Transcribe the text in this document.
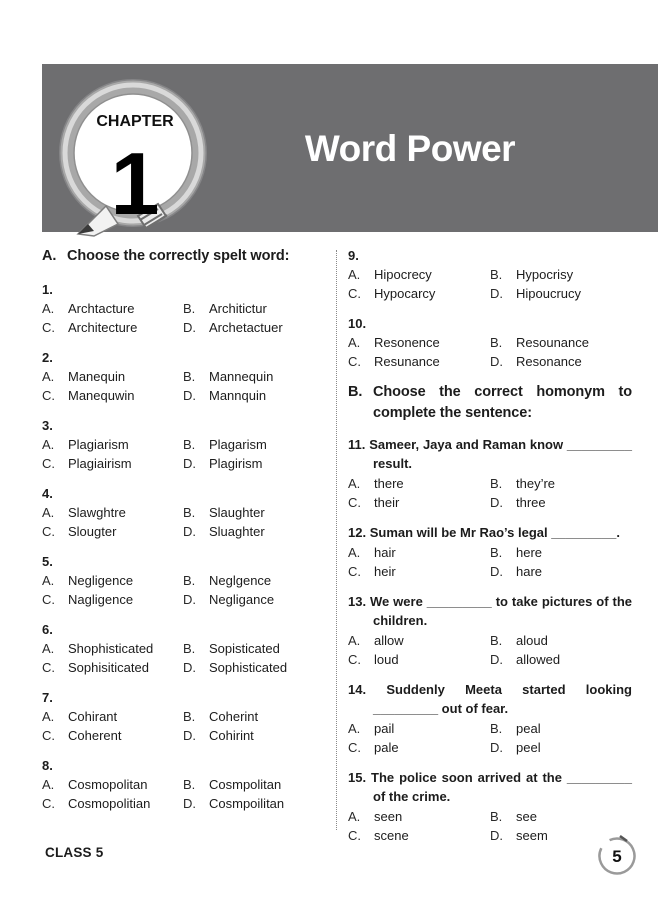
Word Power
CHAPTER
1
A. Choose the correctly spelt word:
1.
A.	Archtacture	B.	Architictur
C.	Architecture	D.	Archetactuer
2.
A.	Manequin	B.	Mannequin
C.	Manequwin	D.	Mannquin
3.
A.	Plagiarism	B.	Plagarism
C.	Plagiairism	D.	Plagirism
4.
A.	Slawghtre	B.	Slaughter
C.	Slougter	D.	Sluaghter
5.
A.	Negligence	B.	Neglgence
C.	Nagligence	D.	Negligance
6.
A.	Shophisticated	B.	Sopisticated
C.	Sophisiticated	D.	Sophisticated
7.
A.	Cohirant	B.	Coherint
C.	Coherent	D.	Cohirint
8.
A.	Cosmopolitan	B.	Cosmpolitan
C.	Cosmopolitian	D.	Cosmpoilitan
9.
A.	Hipocrecy	B.	Hypocrisy
C.	Hypocarcy	D.	Hipoucrucy
10.
A.	Resonence	B.	Resounance
C.	Resunance	D.	Resonance
B. Choose the correct homonym to complete the sentence:
11. Sameer, Jaya and Raman know _________ result.
A.	there	B.	they’re
C.	their	D.	three
12. Suman will be Mr Rao’s legal _________.
A.	hair	B.	here
C.	heir	D.	hare
13. We were _________ to take pictures of the children.
A.	allow	B.	aloud
C.	loud	D.	allowed
14. Suddenly Meeta started looking _________ out of fear.
A.	pail	B.	peal
C.	pale	D.	peel
15. The police soon arrived at the _________ of the crime.
A.	seen	B.	see
C.	scene	D.	seem
CLASS 5	5
